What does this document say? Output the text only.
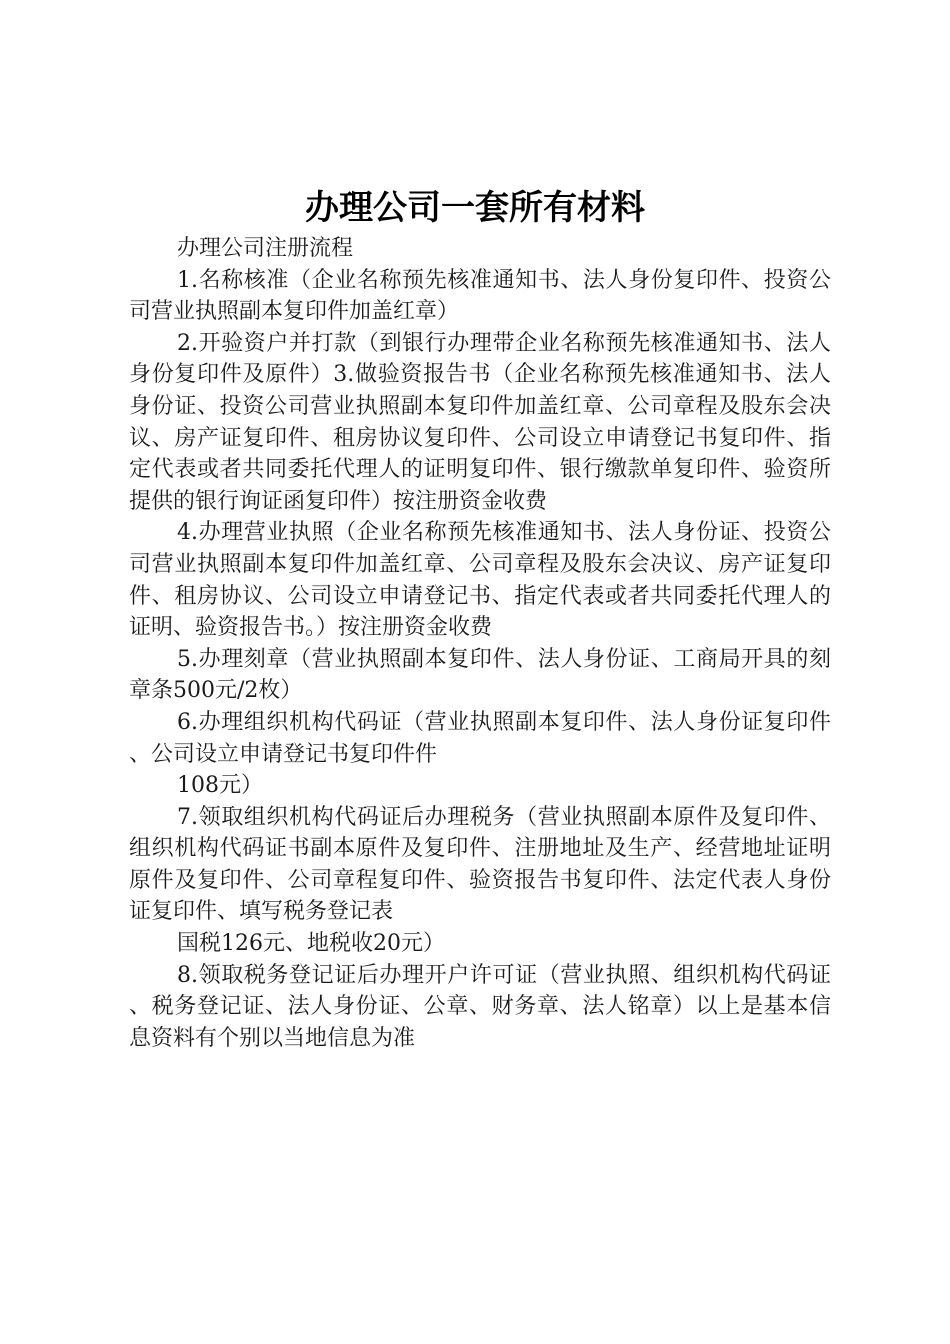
办理公司一套所有材料

办理公司注册流程

1.名称核准（企业名称预先核准通知书、法人身份复印件、投资公司营业执照副本复印件加盖红章）

2.开验资户并打款（到银行办理带企业名称预先核准通知书、法人身份复印件及原件）3.做验资报告书（企业名称预先核准通知书、法人身份证、投资公司营业执照副本复印件加盖红章、公司章程及股东会决议、房产证复印件、租房协议复印件、公司设立申请登记书复印件、指定代表或者共同委托代理人的证明复印件、银行缴款单复印件、验资所提供的银行询证函复印件）按注册资金收费

4.办理营业执照（企业名称预先核准通知书、法人身份证、投资公司营业执照副本复印件加盖红章、公司章程及股东会决议、房产证复印件、租房协议、公司设立申请登记书、指定代表或者共同委托代理人的证明、验资报告书。）按注册资金收费

5.办理刻章（营业执照副本复印件、法人身份证、工商局开具的刻章条500元/2枚）

6.办理组织机构代码证（营业执照副本复印件、法人身份证复印件、公司设立申请登记书复印件件

108元）

7.领取组织机构代码证后办理税务（营业执照副本原件及复印件、组织机构代码证书副本原件及复印件、注册地址及生产、经营地址证明原件及复印件、公司章程复印件、验资报告书复印件、法定代表人身份证复印件、填写税务登记表

国税126元、地税收20元）

8.领取税务登记证后办理开户许可证（营业执照、组织机构代码证、税务登记证、法人身份证、公章、财务章、法人铭章）以上是基本信息资料有个别以当地信息为准
